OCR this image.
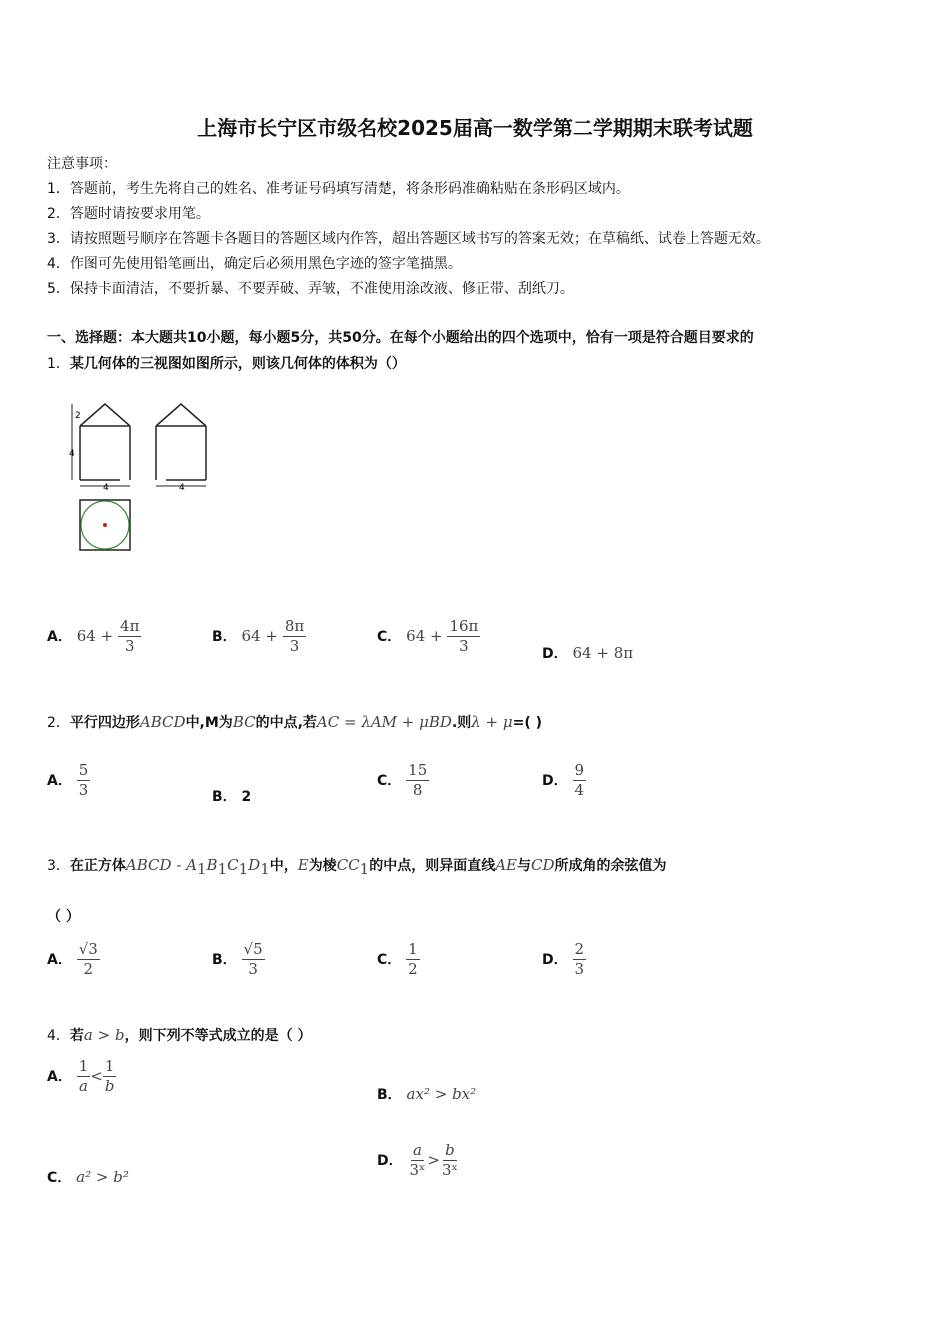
上海市长宁区市级名校2025届高一数学第二学期期末联考试题
注意事项：
1．答题前，考生先将自己的姓名、准考证号码填写清楚，将条形码准确粘贴在条形码区域内。
2．答题时请按要求用笔。
3．请按照题号顺序在答题卡各题目的答题区域内作答，超出答题区域书写的答案无效；在草稿纸、试卷上答题无效。
4．作图可先使用铅笔画出，确定后必须用黑色字迹的签字笔描黑。
5．保持卡面清洁，不要折暴、不要弄破、弄皱，不准使用涂改液、修正带、刮纸刀。
一、选择题：本大题共10小题，每小题5分，共50分。在每个小题给出的四个选项中，恰有一项是符合题目要求的
1．某几何体的三视图如图所示，则该几何体的体积为（）
2
4
4	4
A． $64 + \frac{4\pi}{3}$	B． $64 + \frac{8\pi}{3}$	C． $64 + \frac{16\pi}{3}$	D． 64 + 8π
2．平行四边形ABCD中,M为BC的中点,若AC = λAM + μBD.则λ + μ=( )
A． $\frac{5}{3}$	B． 2
C． $\frac{15}{8}$	D． $\frac{9}{4}$
3．在正方体ABCD - $A_1B_1C_1D_1$中，E为棱$CC_1$的中点，则异面直线AE与CD所成角的余弦值为
（ ）
A． $\frac{√3}{2}$	B． $\frac{√5}{3}$	C． $\frac{1}{2}$	D． $\frac{2}{3}$
4．若a > b，则下列不等式成立的是（ ）
A． $\frac{1}{a} < \frac{1}{b}$	B． ax² > bx²
C． a² > b²
D． $\frac{a}{\text{3ˣ}} > \frac{b}{\text{3ˣ}}$
